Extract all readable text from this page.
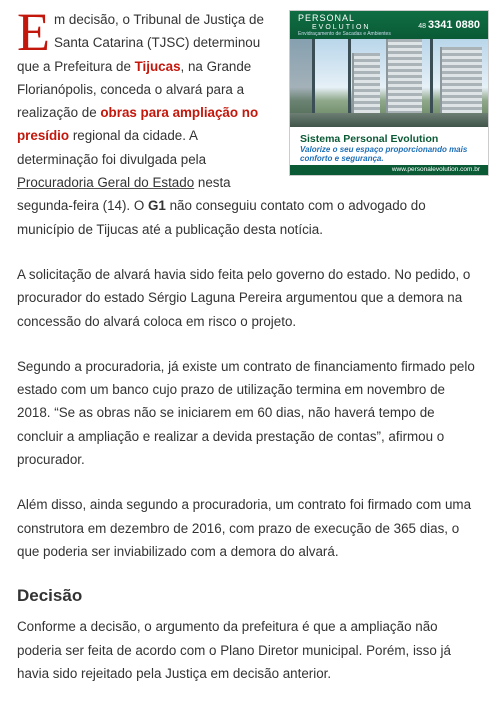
PERSONAL
EVOLUTION
Envidraçamento de Sacadas e Ambientes
48 3341 0880
Sistema Personal Evolution
Valorize o seu espaço proporcionando mais conforto e segurança.
www.personalevolution.com.br

Em decisão, o Tribunal de Justiça de Santa Catarina (TJSC) determinou que a Prefeitura de Tijucas, na Grande Florianópolis, conceda o alvará para a realização de obras para ampliação no presídio regional da cidade. A determinação foi divulgada pela Procuradoria Geral do Estado nesta segunda-feira (14). O G1 não conseguiu contato com o advogado do município de Tijucas até a publicação desta notícia.

A solicitação de alvará havia sido feita pelo governo do estado. No pedido, o procurador do estado Sérgio Laguna Pereira argumentou que a demora na concessão do alvará coloca em risco o projeto.

Segundo a procuradoria, já existe um contrato de financiamento firmado pelo estado com um banco cujo prazo de utilização termina em novembro de 2018. “Se as obras não se iniciarem em 60 dias, não haverá tempo de concluir a ampliação e realizar a devida prestação de contas”, afirmou o procurador.

Além disso, ainda segundo a procuradoria, um contrato foi firmado com uma construtora em dezembro de 2016, com prazo de execução de 365 dias, o que poderia ser inviabilizado com a demora do alvará.

Decisão

Conforme a decisão, o argumento da prefeitura é que a ampliação não poderia ser feita de acordo com o Plano Diretor municipal. Porém, isso já havia sido rejeitado pela Justiça em decisão anterior.
